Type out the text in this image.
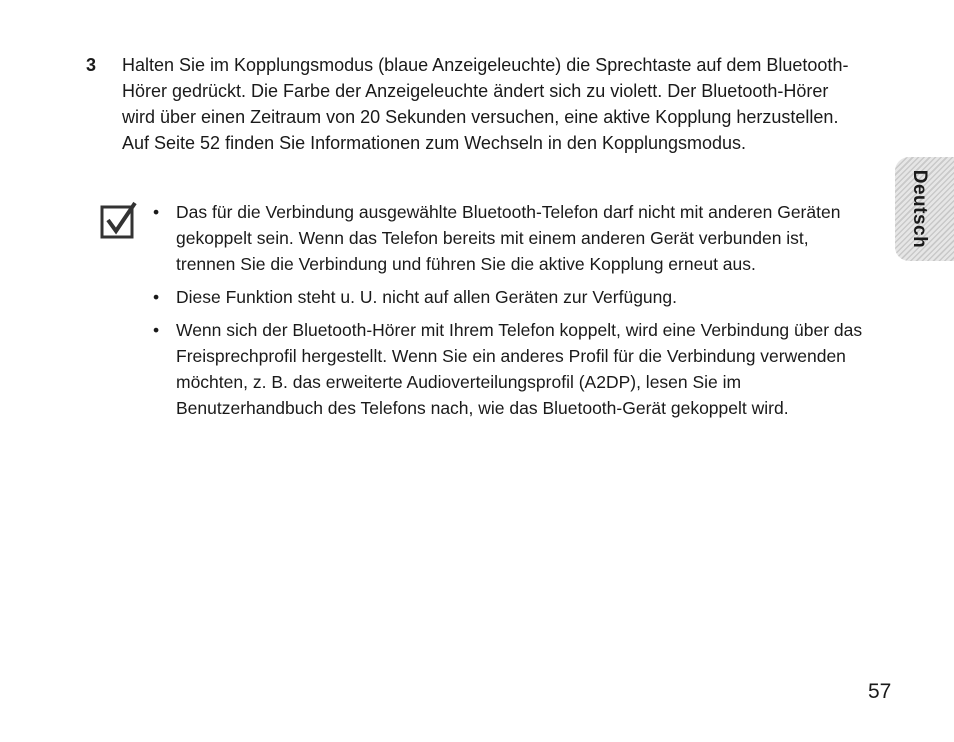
3	Halten Sie im Kopplungsmodus (blaue Anzeigeleuchte) die Sprechtaste auf dem Bluetooth-Hörer gedrückt. Die Farbe der Anzeigeleuchte ändert sich zu violett. Der Bluetooth-Hörer wird über einen Zeitraum von 20 Sekunden versuchen, eine aktive Kopplung herzustellen. Auf Seite 52 finden Sie Informationen zum Wechseln in den Kopplungsmodus.
• Das für die Verbindung ausgewählte Bluetooth-Telefon darf nicht mit anderen Geräten gekoppelt sein. Wenn das Telefon bereits mit einem anderen Gerät verbunden ist, trennen Sie die Verbindung und führen Sie die aktive Kopplung erneut aus.
• Diese Funktion steht u. U. nicht auf allen Geräten zur Verfügung.
• Wenn sich der Bluetooth-Hörer mit Ihrem Telefon koppelt, wird eine Verbindung über das Freisprechprofil hergestellt. Wenn Sie ein anderes Profil für die Verbindung verwenden möchten, z. B. das erweiterte Audioverteilungsprofil (A2DP), lesen Sie im Benutzerhandbuch des Telefons nach, wie das Bluetooth-Gerät gekoppelt wird.
Deutsch
57
